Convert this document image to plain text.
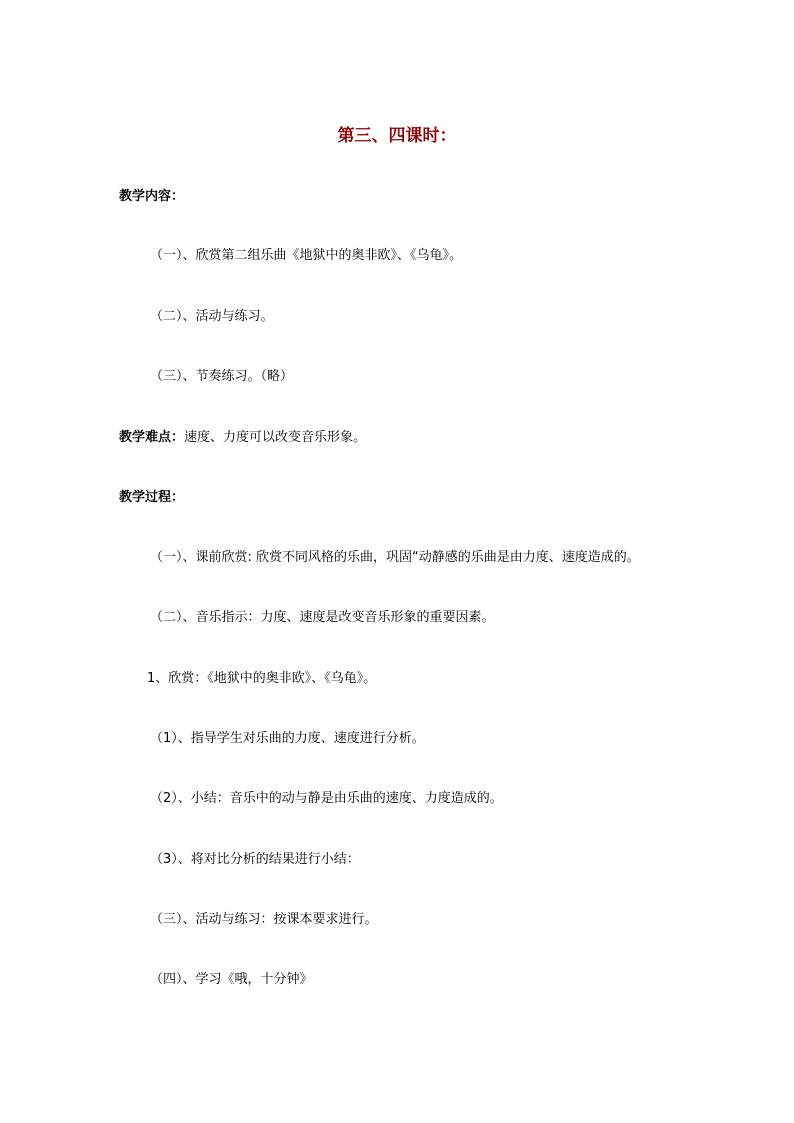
第三、四课时：
教学内容：
（一）、欣赏第二组乐曲《地狱中的奥非欧》、《乌龟》。
（二）、活动与练习。
（三）、节奏练习。（略）
教学难点：速度、力度可以改变音乐形象。
教学过程：
（一）、课前欣赏: 欣赏不同风格的乐曲，巩固“动静感的乐曲是由力度、速度造成的。
（二）、音乐指示：力度、速度是改变音乐形象的重要因素。
1、欣赏：《地狱中的奥非欧》、《乌龟》。
（1）、指导学生对乐曲的力度、速度进行分析。
（2）、小结：音乐中的动与静是由乐曲的速度、力度造成的。
（3）、将对比分析的结果进行小结：
（三）、活动与练习：按课本要求进行。
（四）、学习《哦，十分钟》
